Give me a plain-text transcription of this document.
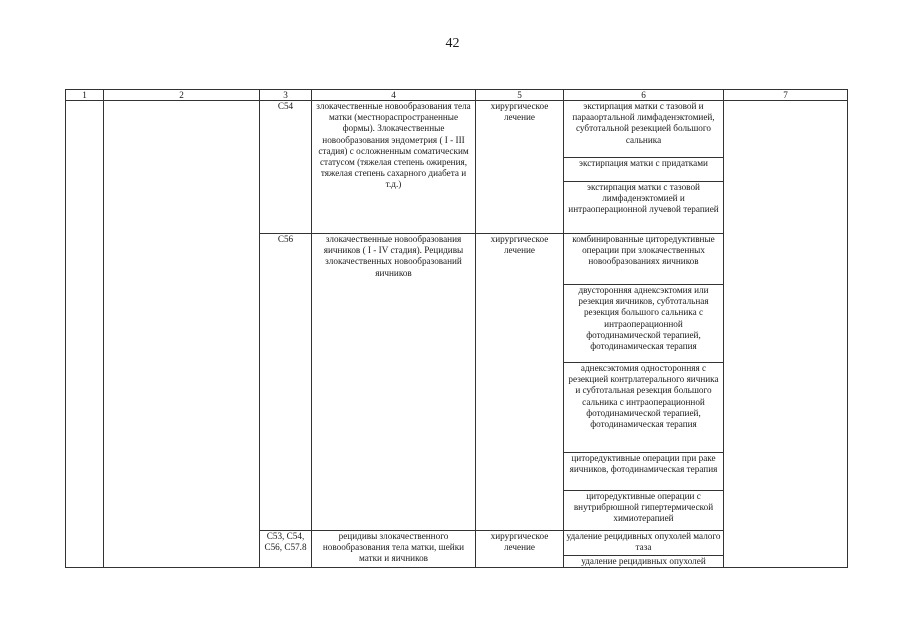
42
1	2	3	4	5	6	7
		C54	злокачественные новообразования тела матки (местнораспространенные формы). Злокачественные новообразования эндометрия ( I - III стадия) с осложненным соматическим статусом (тяжелая степень ожирения, тяжелая степень сахарного диабета и т.д.)	хирургическое лечение	экстирпация матки с тазовой и парааортальной лимфаденэктомией, субтотальной резекцией большого сальника	
					экстирпация матки с придатками	
					экстирпация матки с тазовой лимфаденэктомией и интраоперационной лучевой терапией	
		C56	злокачественные новообразования яичников ( I - IV стадия). Рецидивы злокачественных новообразований яичников	хирургическое лечение	комбинированные циторедуктивные операции при злокачественных новообразованиях яичников	
					двусторонняя аднексэктомия или резекция яичников, субтотальная резекция большого сальника с интраоперационной фотодинамической терапией, фотодинамическая терапия	
					аднексэктомия односторонняя с резекцией контрлатерального яичника и субтотальная резекция большого сальника с интраоперационной фотодинамической терапией, фотодинамическая терапия	
					циторедуктивные операции при раке яичников, фотодинамическая терапия	
					циторедуктивные операции с внутрибрюшной гипертермической химиотерапией	
		C53, C54, C56, C57.8	рецидивы злокачественного новообразования тела матки, шейки матки и яичников	хирургическое лечение	удаление рецидивных опухолей малого таза	
					удаление рецидивных опухолей	
